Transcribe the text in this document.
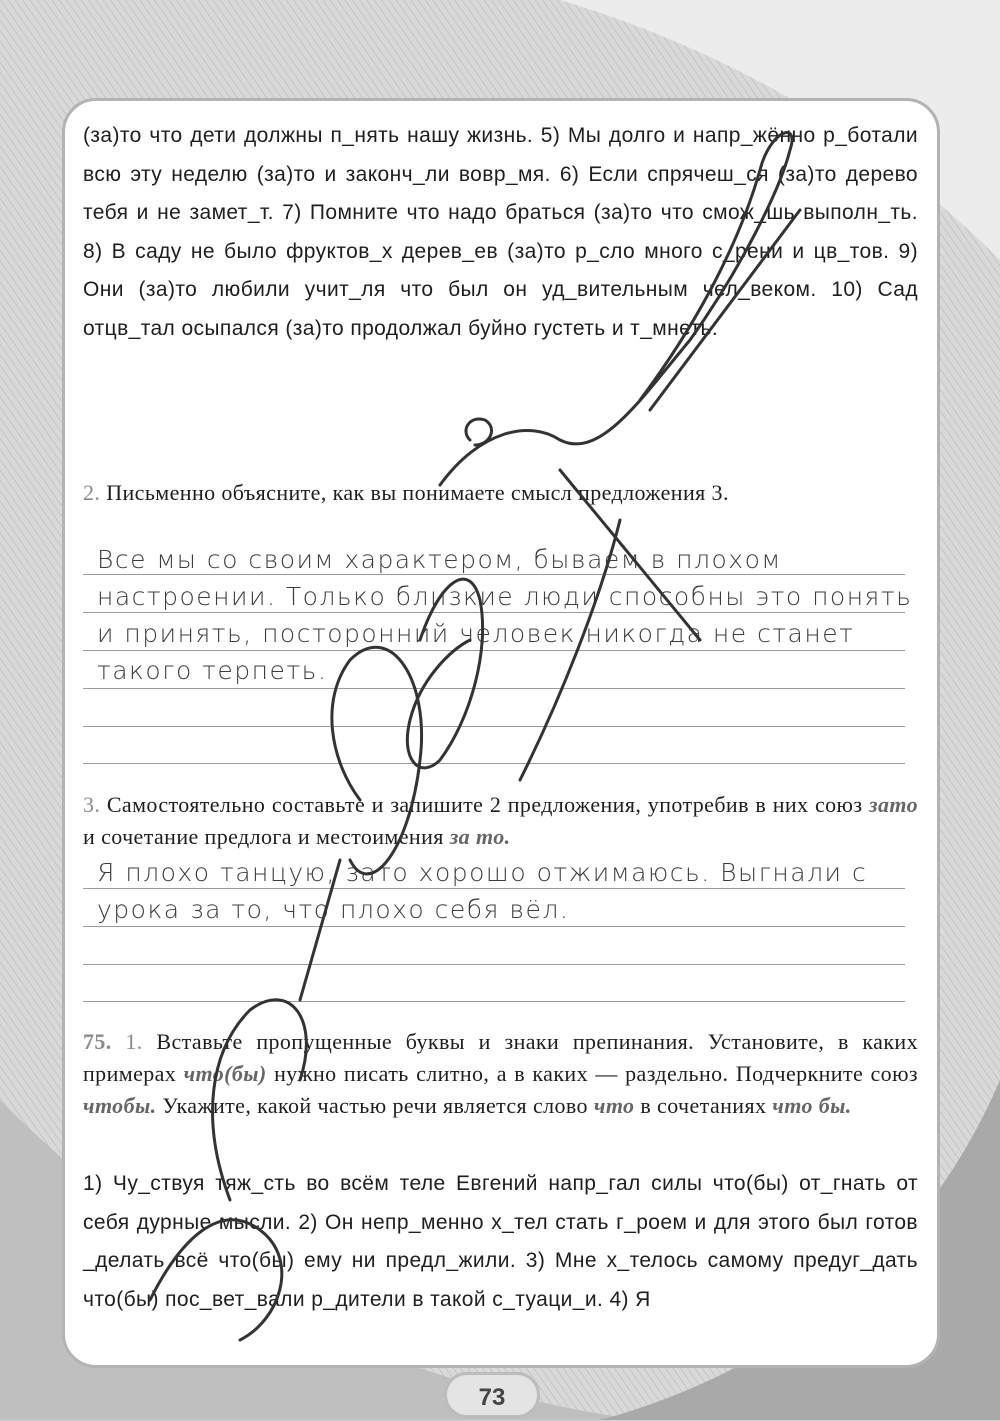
(за)то что дети должны п_нять нашу жизнь. 5) Мы долго и напр_жённо р_ботали всю эту неделю (за)то и законч_ли вовр_мя. 6) Если спрячеш_ся (за)то дерево тебя и не замет_т. 7) Помните что надо браться (за)то что смож_шь выполн_ть. 8) В саду не было фруктов_х дерев_ев (за)то р_сло много с_рени и цв_тов. 9) Они (за)то любили учит_ля что был он уд_вительным чел_веком. 10) Сад отцв_тал осыпался (за)то продолжал буйно густеть и т_мнеть.
2. Письменно объясните, как вы понимаете смысл предложения 3.
Все мы со своим характером, бываем в плохом настроении. Только близкие люди способны это понять и принять, посторонний человек никогда не станет такого терпеть.
3. Самостоятельно составьте и запишите 2 предложения, употребив в них союз зато и сочетание предлога и местоимения за то.
Я плохо танцую, зато хорошо отжимаюсь. Выгнали с урока за то, что плохо себя вёл.
75. 1. Вставьте пропущенные буквы и знаки препинания. Установите, в каких примерах что(бы) нужно писать слитно, а в каких — раздельно. Подчеркните союз чтобы. Укажите, какой частью речи является слово что в сочетаниях что бы.
1) Чу_ствуя тяж_сть во всём теле Евгений напр_гал силы что(бы) от_гнать от себя дурные мысли. 2) Он непр_менно х_тел стать г_роем и для этого был готов _делать всё что(бы) ему ни предл_жили. 3) Мне х_телось самому предуг_дать что(бы) пос_вет_вали р_дители в такой с_туаци_и. 4) Я
73
